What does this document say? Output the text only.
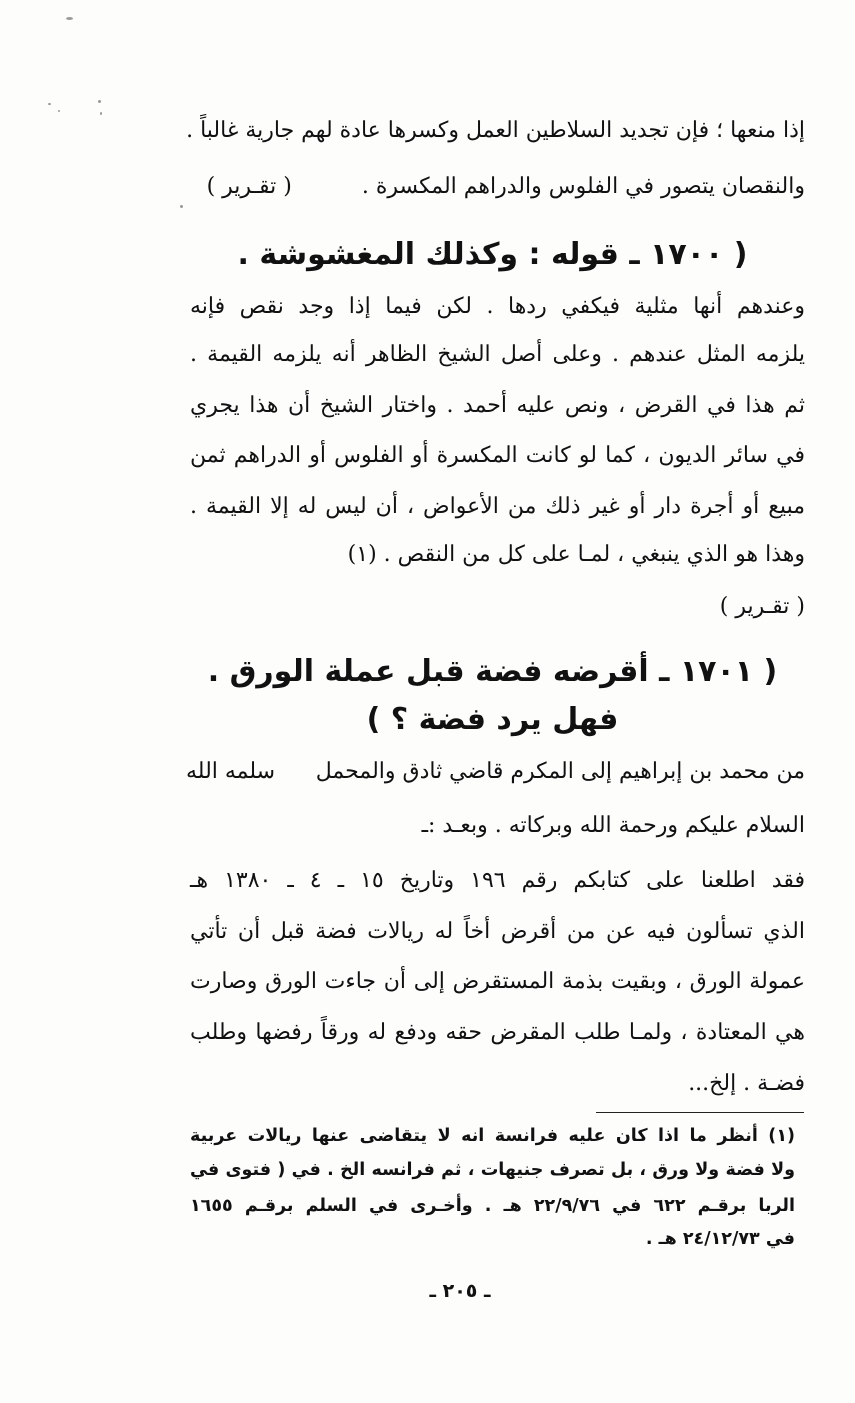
إذا منعها ؛ فإن تجديد السلاطين العمل وكسرها عادة لهم جارية غالباً .
والنقصان يتصور في الفلوس والدراهم المكسرة .( تقـرير )
( ١٧٠٠ ـ قوله : وكذلك المغشوشة .
وعندهم أنها مثلية فيكفي ردها . لكن فيما إذا وجد نقص فإنه
يلزمه المثل عندهم . وعلى أصل الشيخ الظاهر أنه يلزمه القيمة .
ثم هذا في القرض ، ونص عليه أحمد . واختار الشيخ أن هذا يجري
في سائر الديون ، كما لو كانت المكسرة أو الفلوس أو الدراهم ثمن
مبيع أو أجرة دار أو غير ذلك من الأعواض ، أن ليس له إلا القيمة .
وهذا هو الذي ينبغي ، لمـا على كل من النقص . (١)
( تقـرير )
( ١٧٠١ ـ أقرضه فضة قبل عملة الورق .
فهل يرد فضة ؟ )
من محمد بن إبراهيم إلى المكرم قاضي ثادق والمحمل
سلمه الله
السلام عليكم ورحمة الله وبركاته . وبعـد :ـ
فقد اطلعنا على كتابكم رقم ١٩٦ وتاريخ ١٥ ـ ٤ ـ ١٣٨٠ هـ
الذي تسألون فيه عن من أقرض أخاً له ريالات فضة قبل أن تأتي
عمولة الورق ، وبقيت بذمة المستقرض إلى أن جاءت الورق وصارت
هي المعتادة ، ولمـا طلب المقرض حقه ودفع له ورقاً رفضها وطلب
فضـة . إلخ...
(١) أنظر ما اذا كان عليه فرانسة انه لا يتقاضى عنها ريالات عربية
ولا فضة ولا ورق ، بل تصرف جنيهات ، ثم فرانسه الخ . في ( فتوى في
الربا برقـم ٦٢٢ في ٢٢/٩/٧٦ هـ . وأخـرى في السلم برقـم ١٦٥٥
في ٢٤/١٢/٧٣ هـ .
ـ ٢٠٥ ـ
